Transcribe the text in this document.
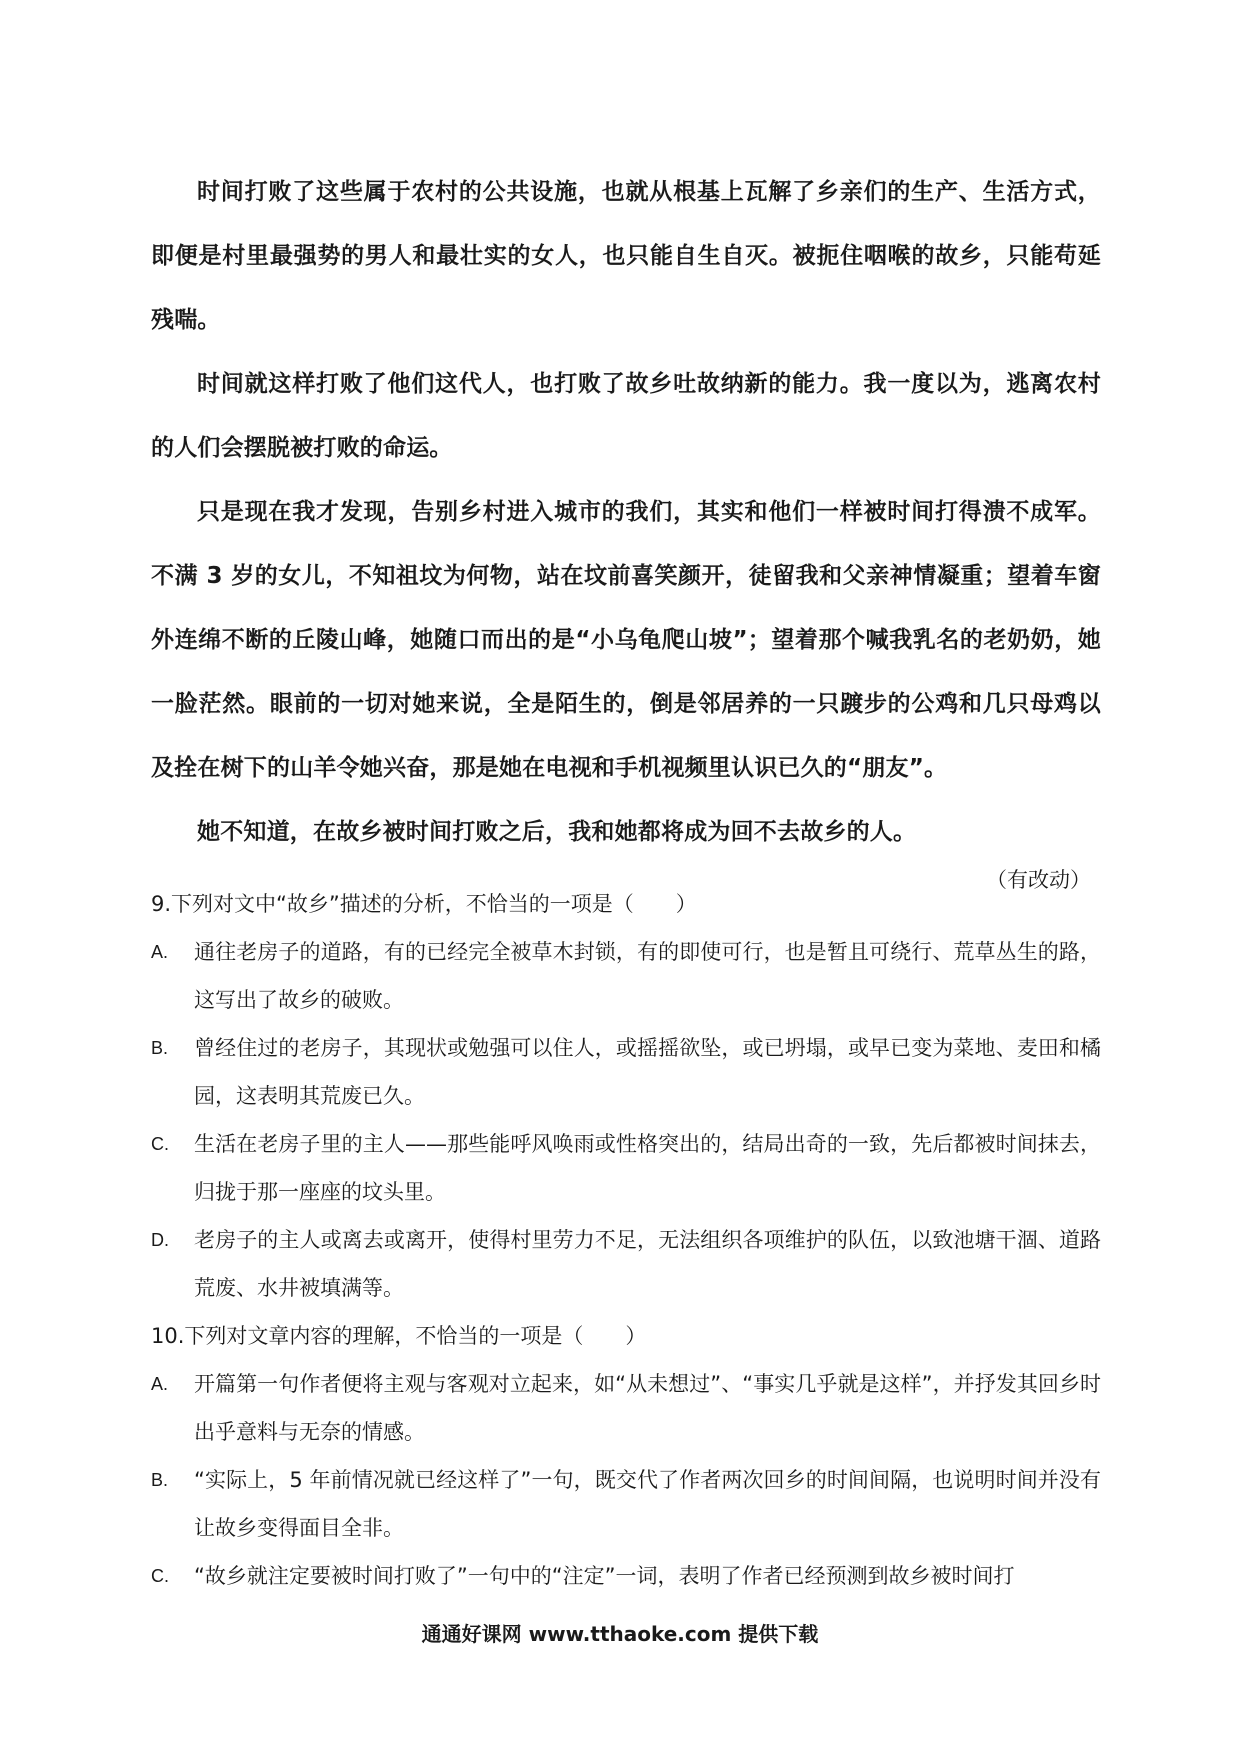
时间打败了这些属于农村的公共设施，也就从根基上瓦解了乡亲们的生产、生活方式，即便是村里最强势的男人和最壮实的女人，也只能自生自灭。被扼住咽喉的故乡，只能苟延残喘。

时间就这样打败了他们这代人，也打败了故乡吐故纳新的能力。我一度以为，逃离农村的人们会摆脱被打败的命运。

只是现在我才发现，告别乡村进入城市的我们，其实和他们一样被时间打得溃不成军。不满 3 岁的女儿，不知祖坟为何物，站在坟前喜笑颜开，徒留我和父亲神情凝重；望着车窗外连绵不断的丘陵山峰，她随口而出的是“小乌龟爬山坡”；望着那个喊我乳名的老奶奶，她一脸茫然。眼前的一切对她来说，全是陌生的，倒是邻居养的一只踱步的公鸡和几只母鸡以及拴在树下的山羊令她兴奋，那是她在电视和手机视频里认识已久的“朋友”。

她不知道，在故乡被时间打败之后，我和她都将成为回不去故乡的人。

（有改动）

9.下列对文中“故乡”描述的分析，不恰当的一项是（　　）

A.	通往老房子的道路，有的已经完全被草木封锁，有的即使可行，也是暂且可绕行、荒草丛生的路，这写出了故乡的破败。
B.	曾经住过的老房子，其现状或勉强可以住人，或摇摇欲坠，或已坍塌，或早已变为菜地、麦田和橘园，这表明其荒废已久。
C.	生活在老房子里的主人——那些能呼风唤雨或性格突出的，结局出奇的一致，先后都被时间抹去，归拢于那一座座的坟头里。
D.	老房子的主人或离去或离开，使得村里劳力不足，无法组织各项维护的队伍，以致池塘干涸、道路荒废、水井被填满等。

10.下列对文章内容的理解，不恰当的一项是（　　）

A.	开篇第一句作者便将主观与客观对立起来，如“从未想过”、“事实几乎就是这样”，并抒发其回乡时出乎意料与无奈的情感。
B.	“实际上，5 年前情况就已经这样了”一句，既交代了作者两次回乡的时间间隔，也说明时间并没有让故乡变得面目全非。
C.	“故乡就注定要被时间打败了”一句中的“注定”一词，表明了作者已经预测到故乡被时间打
通通好课网 www.tthaoke.com 提供下载
